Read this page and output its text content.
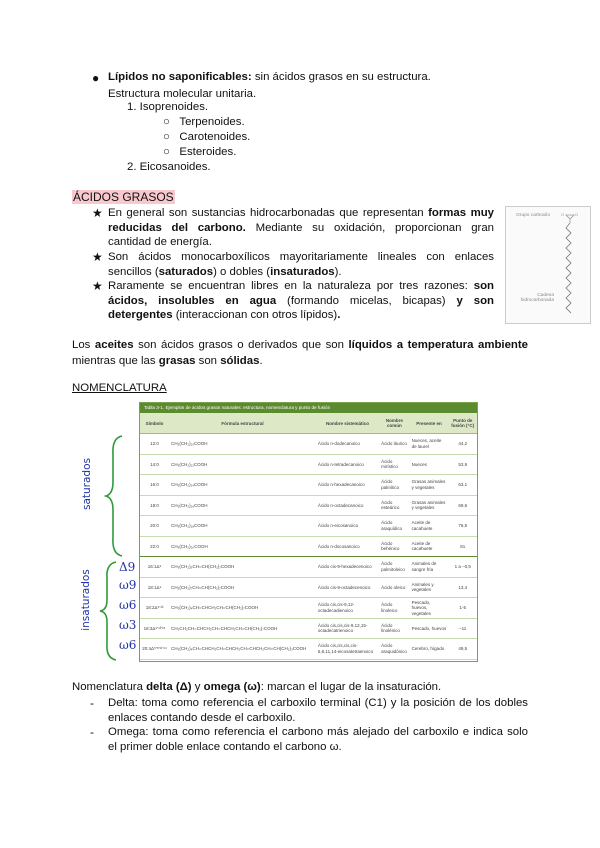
● Lípidos no saponificables: sin ácidos grasos en su estructura.
Estructura molecular unitaria.
1. Isoprenoides.
○ Terpenoides.
○ Carotenoides.
○ Esteroides.
2. Eicosanoides.
ÁCIDOS GRASOS
★ En general son sustancias hidrocarbonadas que representan formas muy reducidas del carbono. Mediante su oxidación, proporcionan gran cantidad de energía.
★ Son ácidos monocarboxílicos mayoritariamente lineales con enlaces sencillos (saturados) o dobles (insaturados).
★ Raramente se encuentran libres en la naturaleza por tres razones: son ácidos, insolubles en agua (formando micelas, bicapas) y son detergentes (interaccionan con otros lípidos).
Grupo carboxilo
Cadena hidrocarbonada
O	O
Los aceites son ácidos grasos o derivados que son líquidos a temperatura ambiente mientras que las grasas son sólidas.
NOMENCLATURA
saturados
insaturados
Δ9
ω9
ω6
ω3
ω6
Tabla 3-1. Ejemplos de ácidos grasos naturales: estructura, nomenclatura y punto de fusión
Símbolo	Fórmula estructural	Nombre sistemático	Nombre común	Presente en	Punto de fusión (°C)
12:0	CH₃(CH₂)₁₀COOH	Ácido n-dodecanoico	Ácido láurico	Nueces, aceite de laurel	44,2
14:0	CH₃(CH₂)₁₂COOH	Ácido n-tetradecanoico	Ácido mirístico	Nueces	53,9
16:0	CH₃(CH₂)₁₄COOH	Ácido n-hexadecanoico	Ácido palmítico	Grasas animales y vegetales	63,1
18:0	CH₃(CH₂)₁₆COOH	Ácido n-octadecanoico	Ácido esteárico	Grasas animales y vegetales	69,6
20:0	CH₃(CH₂)₁₈COOH	Ácido n-eicosanoico	Ácido araquídico	Aceite de cacahuete	76,5
22:0	CH₃(CH₂)₂₀COOH	Ácido n-docosanoico	Ácido behénico	Aceite de cacahuete	81
16:1Δ⁹	CH₃(CH₂)₅CH=CH(CH₂)₇COOH	Ácido cis-9-hexadecenoico	Ácido palmitoleico	Animales de sangre fría	1 a –0,5
18:1Δ⁹	CH₃(CH₂)₇CH=CH(CH₂)₇COOH	Ácido cis-9-octadecenoico	Ácido oleico	Animales y vegetales	13,4
18:2Δ⁹ʹ¹²	CH₃(CH₂)₄CH=CHCH₂CH=CH(CH₂)₇COOH	Ácido cis,cis-9,12-octadecadienoico	Ácido linoleico	Pescado, huevos, vegetales	1-5
18:3Δ⁹ʹ¹²ʹ¹⁵	CH₃CH₂CH=CHCH₂CH=CHCH₂CH=CH(CH₂)₇COOH	Ácido cis,cis,cis-9,12,15-octadecatrienoico	Ácido linolénico	Pescado, huevos	–11
20:4Δ⁵ʹ⁸ʹ¹¹ʹ¹⁴	CH₃(CH₂)₄CH=CHCH₂CH=CHCH₂CH=CHCH₂CH=CH(CH₂)₃COOH	Ácido cis,cis,cis,cis-5,8,11,14-eicosatetraenoico	Ácido araquidónico	Cerebro, hígado	49,5
Nomenclatura delta (Δ) y omega (ω): marcan el lugar de la insaturación.
- Delta: toma como referencia el carboxilo terminal (C1) y la posición de los dobles enlaces contando desde el carboxilo.
- Omega: toma como referencia el carbono más alejado del carboxilo e indica solo el primer doble enlace contando el carbono ω.
